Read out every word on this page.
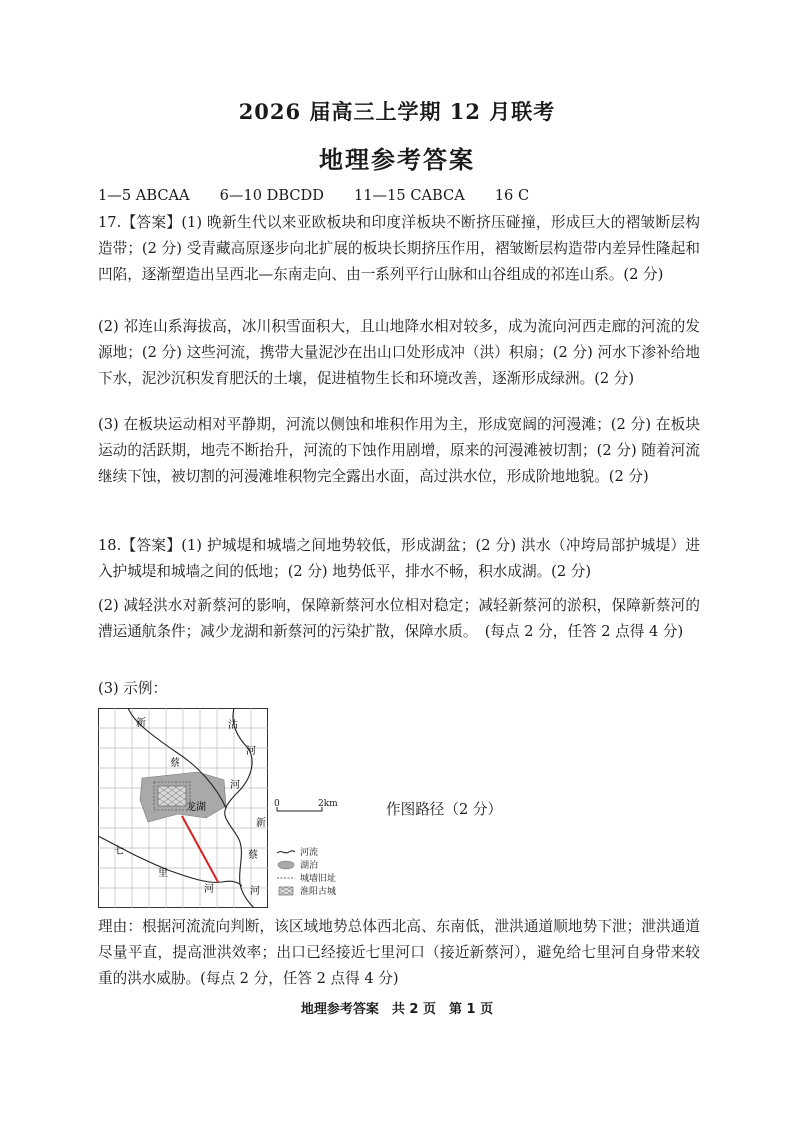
2026 届高三上学期 12 月联考
地理参考答案
1—5 ABCAA 6—10 DBCDD 11—15 CABCA 16 C
17.【答案】(1) 晚新生代以来亚欧板块和印度洋板块不断挤压碰撞，形成巨大的褶皱断层构造带；(2 分) 受青藏高原逐步向北扩展的板块长期挤压作用，褶皱断层构造带内差异性隆起和凹陷，逐渐塑造出呈西北—东南走向、由一系列平行山脉和山谷组成的祁连山系。(2 分)
(2) 祁连山系海拔高，冰川积雪面积大，且山地降水相对较多，成为流向河西走廊的河流的发源地；(2 分) 这些河流，携带大量泥沙在出山口处形成冲（洪）积扇；(2 分) 河水下渗补给地下水，泥沙沉积发育肥沃的土壤，促进植物生长和环境改善，逐渐形成绿洲。(2 分)
(3) 在板块运动相对平静期，河流以侧蚀和堆积作用为主，形成宽阔的河漫滩；(2 分) 在板块运动的活跃期，地壳不断抬升，河流的下蚀作用剧增，原来的河漫滩被切割；(2 分) 随着河流继续下蚀，被切割的河漫滩堆积物完全露出水面，高过洪水位，形成阶地地貌。(2 分)
18.【答案】(1) 护城堤和城墙之间地势较低，形成湖盆；(2 分) 洪水（冲垮局部护城堤）进入护城堤和城墙之间的低地；(2 分) 地势低平，排水不畅，积水成湖。(2 分)
(2) 减轻洪水对新蔡河的影响，保障新蔡河水位相对稳定；减轻新蔡河的淤积，保障新蔡河的漕运通航条件；减少龙湖和新蔡河的污染扩散，保障水质。　(每点 2 分，任答 2 点得 4 分)
(3) 示例：
新	沽
河
蔡
河
龙湖
新
蔡
河
七
里
河
0	2km	作图路径（2 分）
河流
湖泊
城墙旧址
淮阳古城
理由：根据河流流向判断，该区域地势总体西北高、东南低，泄洪通道顺地势下泄；泄洪通道尽量平直，提高泄洪效率；出口已经接近七里河口（接近新蔡河），避免给七里河自身带来较重的洪水威胁。(每点 2 分，任答 2 点得 4 分)
地理参考答案　共 2 页　第 1 页
